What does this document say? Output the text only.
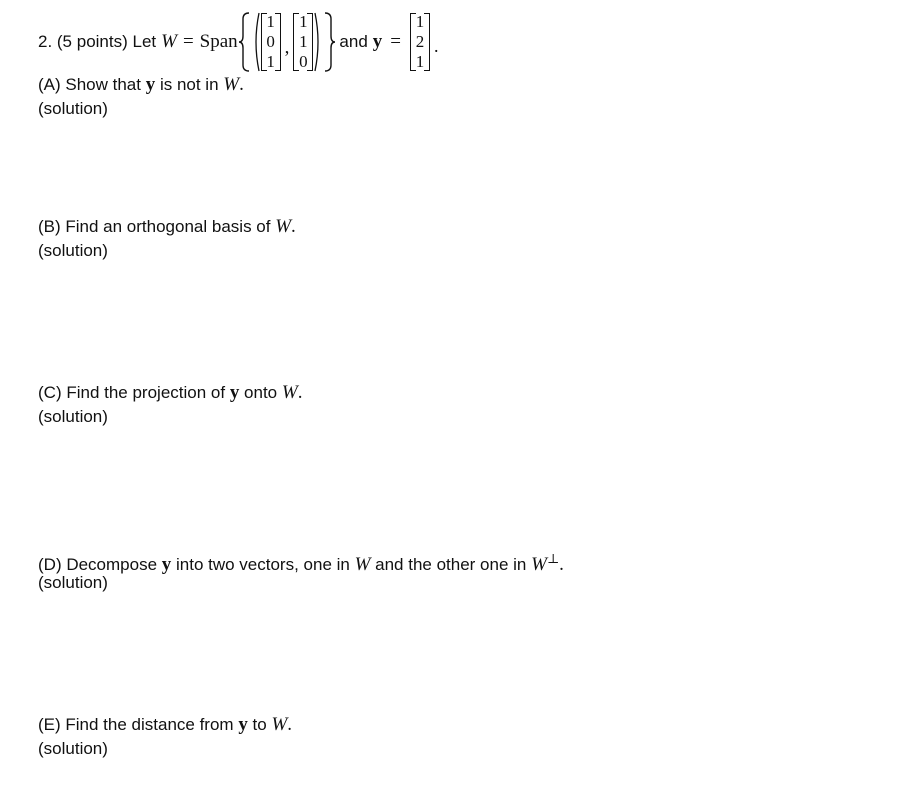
2. (5 points) Let W = Span
1
0
1
,
1
1
0
and y =
1
2
1
.
(A) Show that y is not in W.
(solution)
(B) Find an orthogonal basis of W.
(solution)
(C) Find the projection of y onto W.
(solution)
(D) Decompose y into two vectors, one in W and the other one in W⊥.
(solution)
(E) Find the distance from y to W.
(solution)
